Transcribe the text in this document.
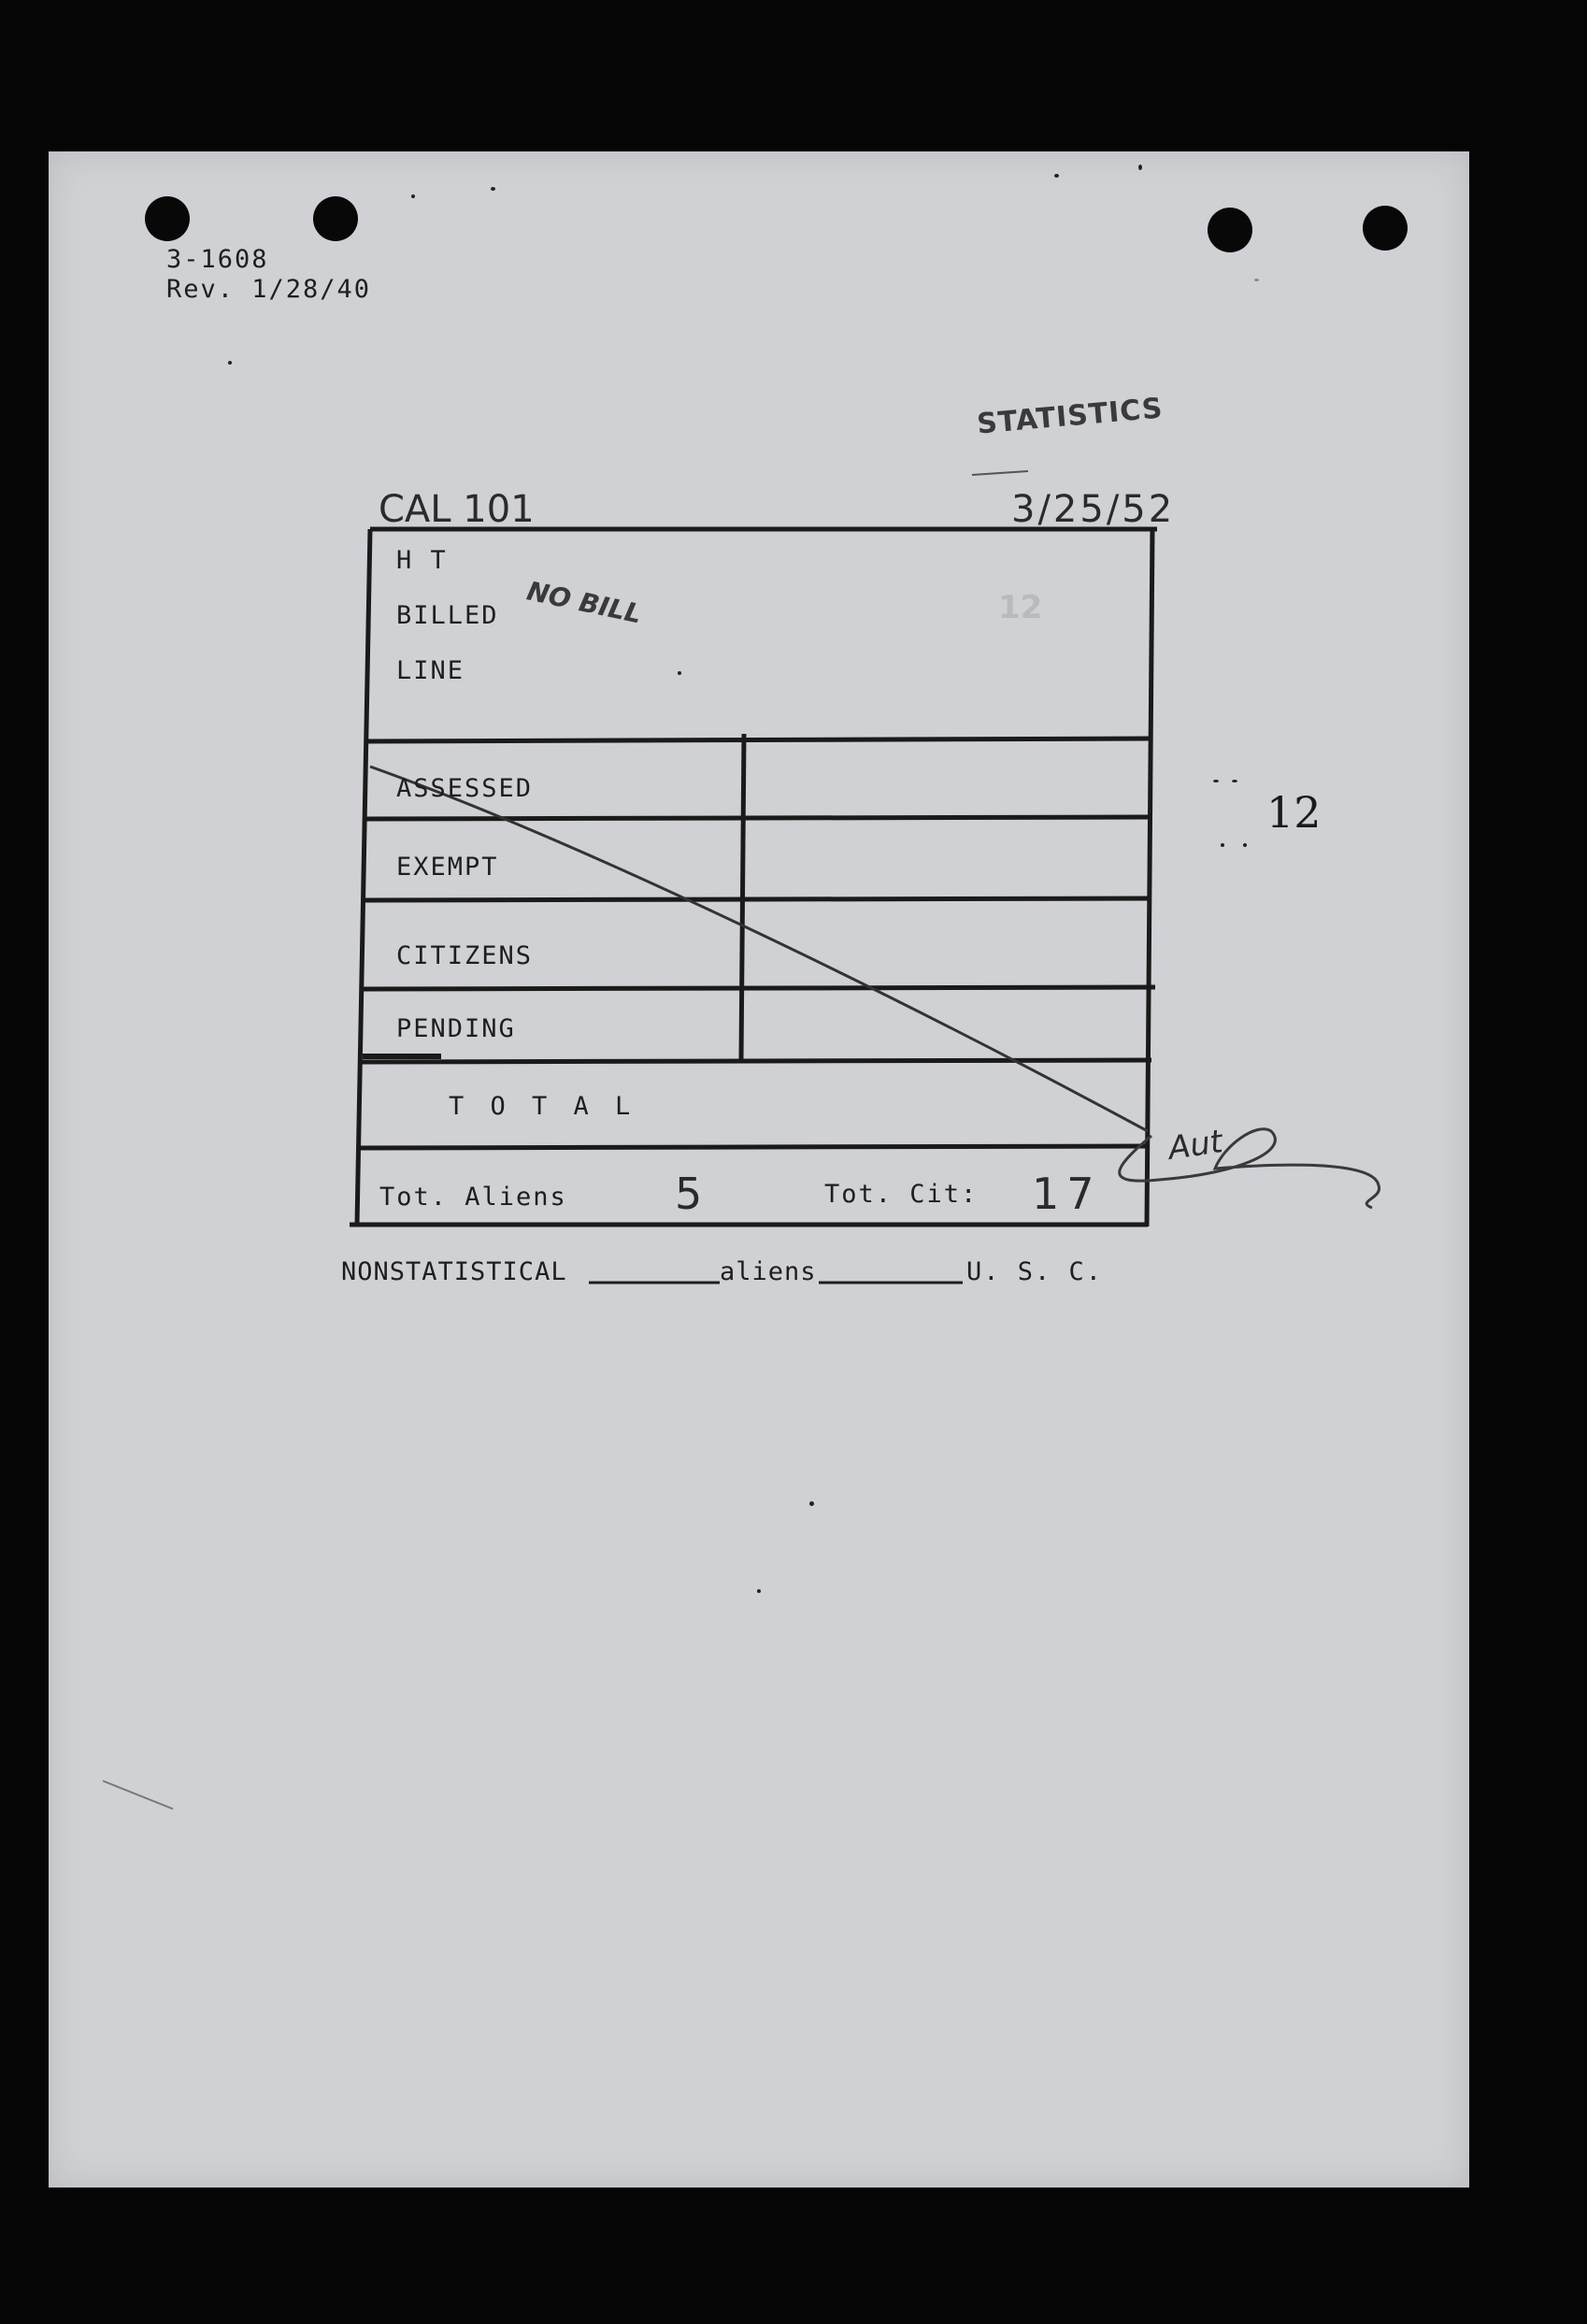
3-1608
Rev. 1/28/40
STATISTICS
CAL 101	3/25/52
H T
BILLED
LINE
NO BILL	12
ASSESSED
EXEMPT
CITIZENS
PENDING
T O T A L
Tot. Aliens	5	Tot. Cit: 17
12
Aut
NONSTATISTICAL	aliens	U. S. C.
